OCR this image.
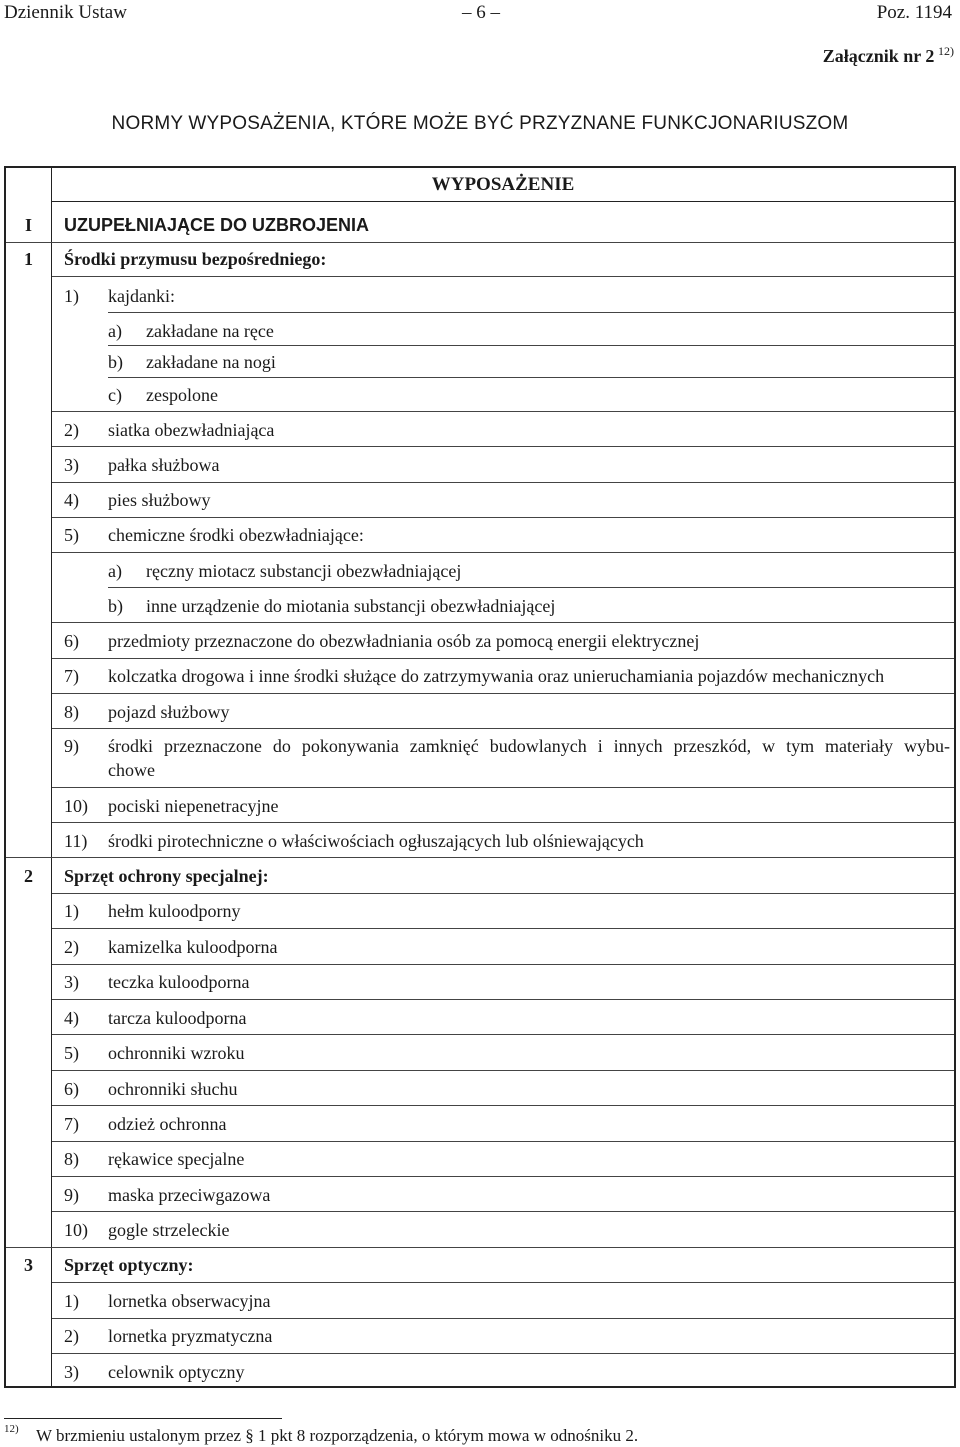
Dziennik Ustaw	– 6 –	Poz. 1194
Załącznik nr 2  $^{12)}$
NORMY WYPOSAŻENIA, KTÓRE MOŻE BYĆ PRZYZNANE FUNKCJONARIUSZOM
WYPOSAŻENIE
I	UZUPEŁNIAJĄCE DO UZBROJENIA
1	Środki przymusu bezpośredniego:
1) kajdanki:
a) zakładane na ręce
b) zakładane na nogi
c) zespolone
2) siatka obezwładniająca
3) pałka służbowa
4) pies służbowy
5) chemiczne środki obezwładniające:
a) ręczny miotacz substancji obezwładniającej
b) inne urządzenie do miotania substancji obezwładniającej
6) przedmioty przeznaczone do obezwładniania osób za pomocą energii elektrycznej
7) kolczatka drogowa i inne środki służące do zatrzymywania oraz unieruchamiania pojazdów mechanicznych
8) pojazd służbowy
9) środki przeznaczone do pokonywania zamknięć budowlanych i innych przeszkód, w tym materiały wybu-
chowe
10) pociski niepenetracyjne
11) środki pirotechniczne o właściwościach ogłuszających lub olśniewających
2	Sprzęt ochrony specjalnej:
1) hełm kuloodporny
2) kamizelka kuloodporna
3) teczka kuloodporna
4) tarcza kuloodporna
5) ochronniki wzroku
6) ochronniki słuchu
7) odzież ochronna
8) rękawice specjalne
9) maska przeciwgazowa
10) gogle strzeleckie
3	Sprzęt optyczny:
1) lornetka obserwacyjna
2) lornetka pryzmatyczna
3) celownik optyczny
12) W brzmieniu ustalonym przez § 1 pkt 8 rozporządzenia, o którym mowa w odnośniku 2.
